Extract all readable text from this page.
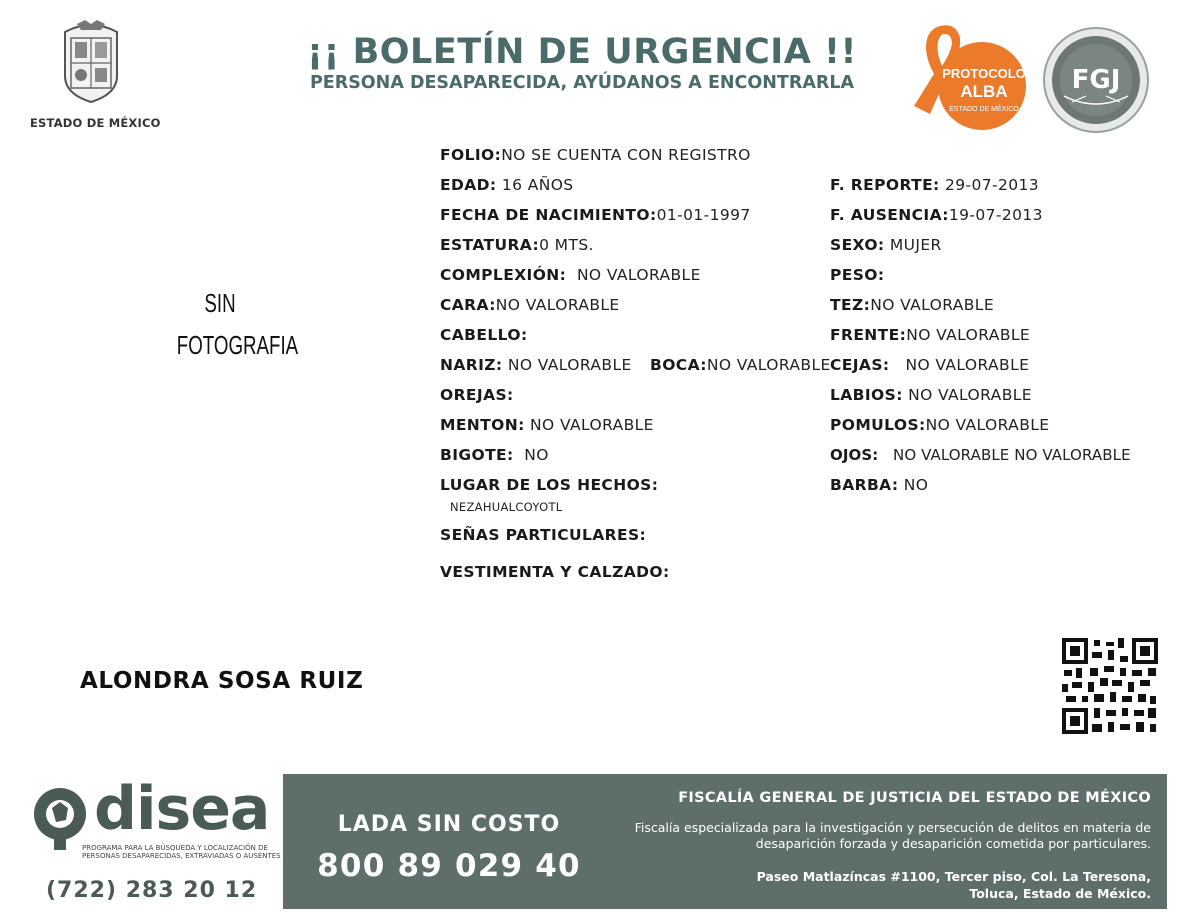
ESTADO DE MÉXICO
¡¡ BOLETÍN DE URGENCIA !!
PERSONA DESAPARECIDA, AYÚDANOS A ENCONTRARLA	PROTOCOLO
ALBA
ESTADO DE MÉXICO
FGJ
SIN
FOTOGRAFIA
FOLIO:NO SE CUENTA CON REGISTRO
EDAD: 16 AÑOS
FECHA DE NACIMIENTO:01-01-1997
ESTATURA:0 MTS.
COMPLEXIÓN: NO VALORABLE
CARA:NO VALORABLE
CABELLO:
NARIZ: NO VALORABLE BOCA:NO VALORABLE
OREJAS:
MENTON: NO VALORABLE
BIGOTE: NO
LUGAR DE LOS HECHOS:
NEZAHUALCOYOTL
SEÑAS PARTICULARES:
VESTIMENTA Y CALZADO:
F. REPORTE: 29-07-2013
F. AUSENCIA:19-07-2013
SEXO: MUJER
PESO:
TEZ:NO VALORABLE
FRENTE:NO VALORABLE
CEJAS: NO VALORABLE
LABIOS: NO VALORABLE
POMULOS:NO VALORABLE
OJOS: NO VALORABLE NO VALORABLE
BARBA: NO
ALONDRA SOSA RUIZ
disea
PROGRAMA PARA LA BÚSQUEDA Y LOCALIZACIÓN DE PERSONAS DESAPARECIDAS, EXTRAVIADAS O AUSENTES
(722) 283 20 12
LADA SIN COSTO
800 89 029 40
FISCALÍA GENERAL DE JUSTICIA DEL ESTADO DE MÉXICO
Fiscalía especializada para la investigación y persecución de delitos en materia de desaparición forzada y desaparición cometida por particulares.
Paseo Matlazíncas #1100, Tercer piso, Col. La Teresona,
Toluca, Estado de México.
